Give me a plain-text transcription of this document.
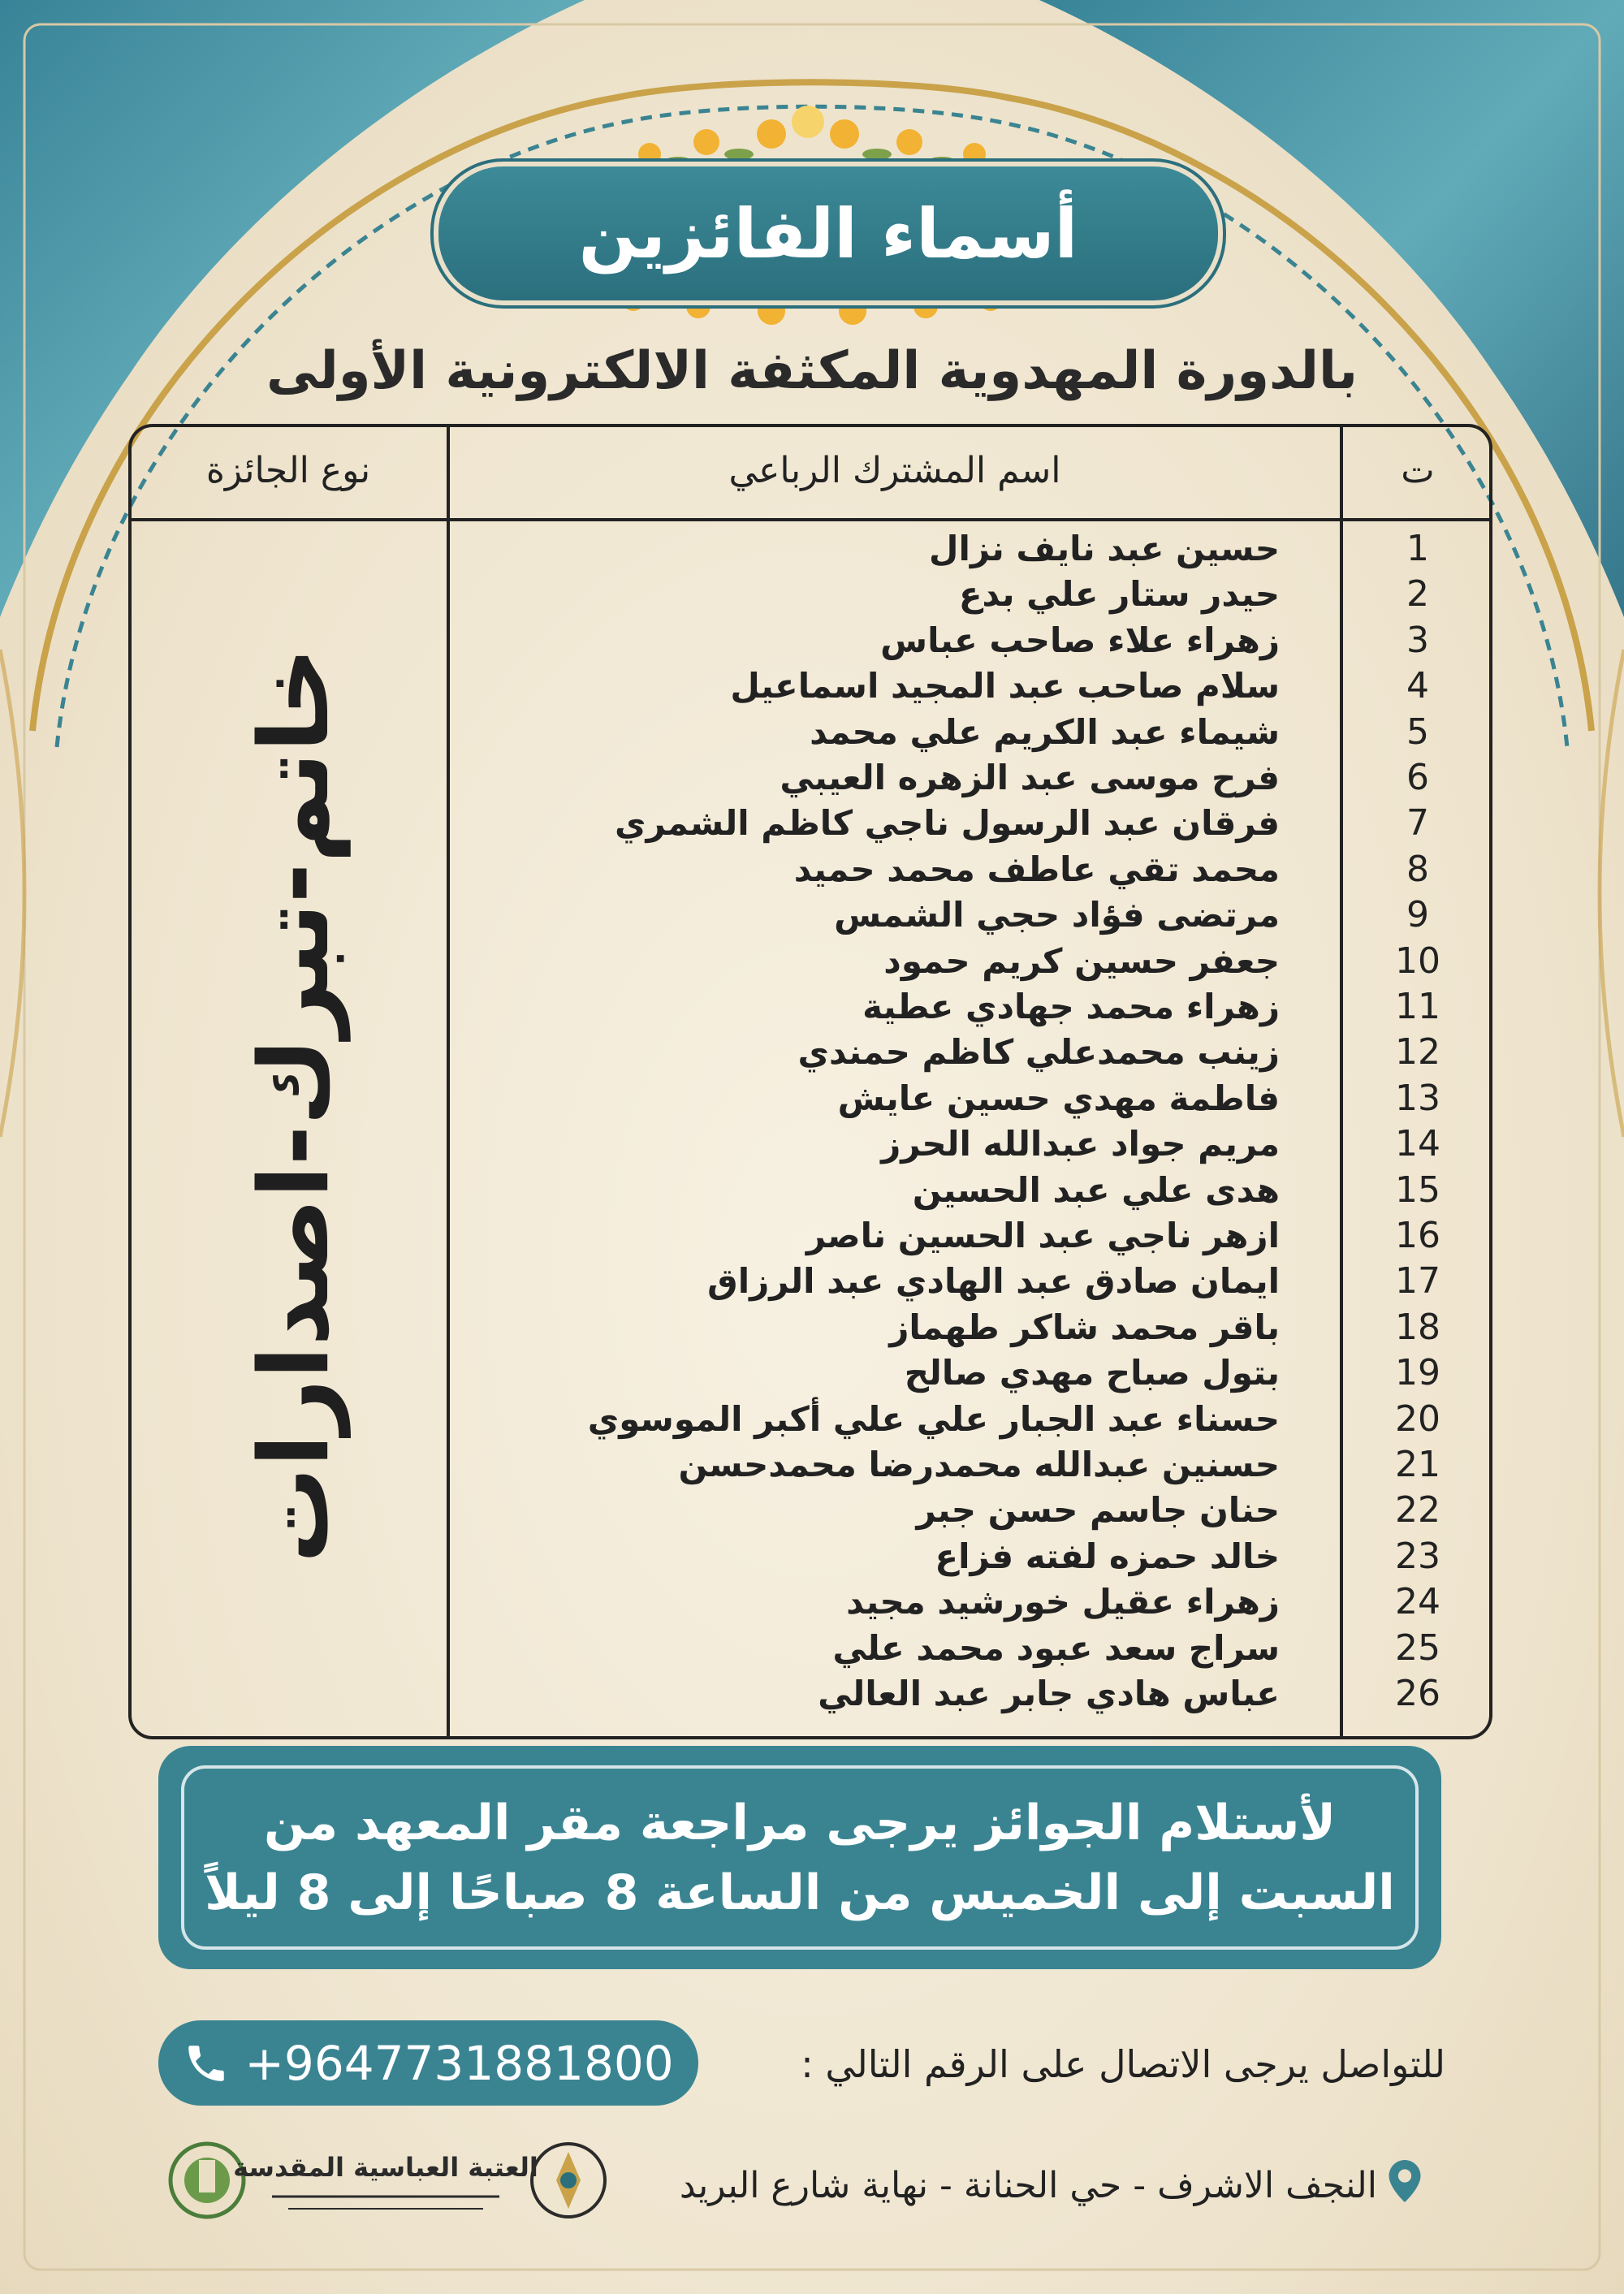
أسماء الفائزين
بالدورة المهدوية المكثفة الالكترونية الأولى
ت
اسم المشترك الرباعي
نوع الجائزة
1
حسين عبد نايف نزال
2
حيدر ستار علي بدع
3
زهراء علاء صاحب عباس
4
سلام صاحب عبد المجيد اسماعيل
5
شيماء عبد الكريم علي محمد
6
فرح موسى عبد الزهره العيبي
7
فرقان عبد الرسول ناجي كاظم الشمري
8
محمد تقي عاطف محمد حميد
9
مرتضى فؤاد حجي الشمس
10
جعفر حسين كريم حمود
11
زهراء محمد جهادي عطية
12
زينب محمدعلي كاظم حمندي
13
فاطمة مهدي حسين عايش
14
مريم جواد عبدالله الحرز
15
هدى علي عبد الحسين
16
ازهر ناجي عبد الحسين ناصر
17
ايمان صادق عبد الهادي عبد الرزاق
18
باقر محمد شاكر طهماز
19
بتول صباح مهدي صالح
20
حسناء عبد الجبار علي علي أكبر الموسوي
21
حسنين عبدالله محمدرضا محمدحسن
22
حنان جاسم حسن جبر
23
خالد حمزه لفته فزاع
24
زهراء عقيل خورشيد مجيد
25
سراج سعد عبود محمد علي
26
عباس هادي جابر عبد العالي
خاتم-تبرك-اصدارات
لأستلام الجوائز يرجى مراجعة مقر المعهد من
السبت إلى الخميس من الساعة 8 صباحًا إلى 8 ليلاً
للتواصل يرجى الاتصال على الرقم التالي :
+9647731881800
النجف الاشرف - حي الحنانة - نهاية شارع البريد
العتبة العباسية المقدسة
